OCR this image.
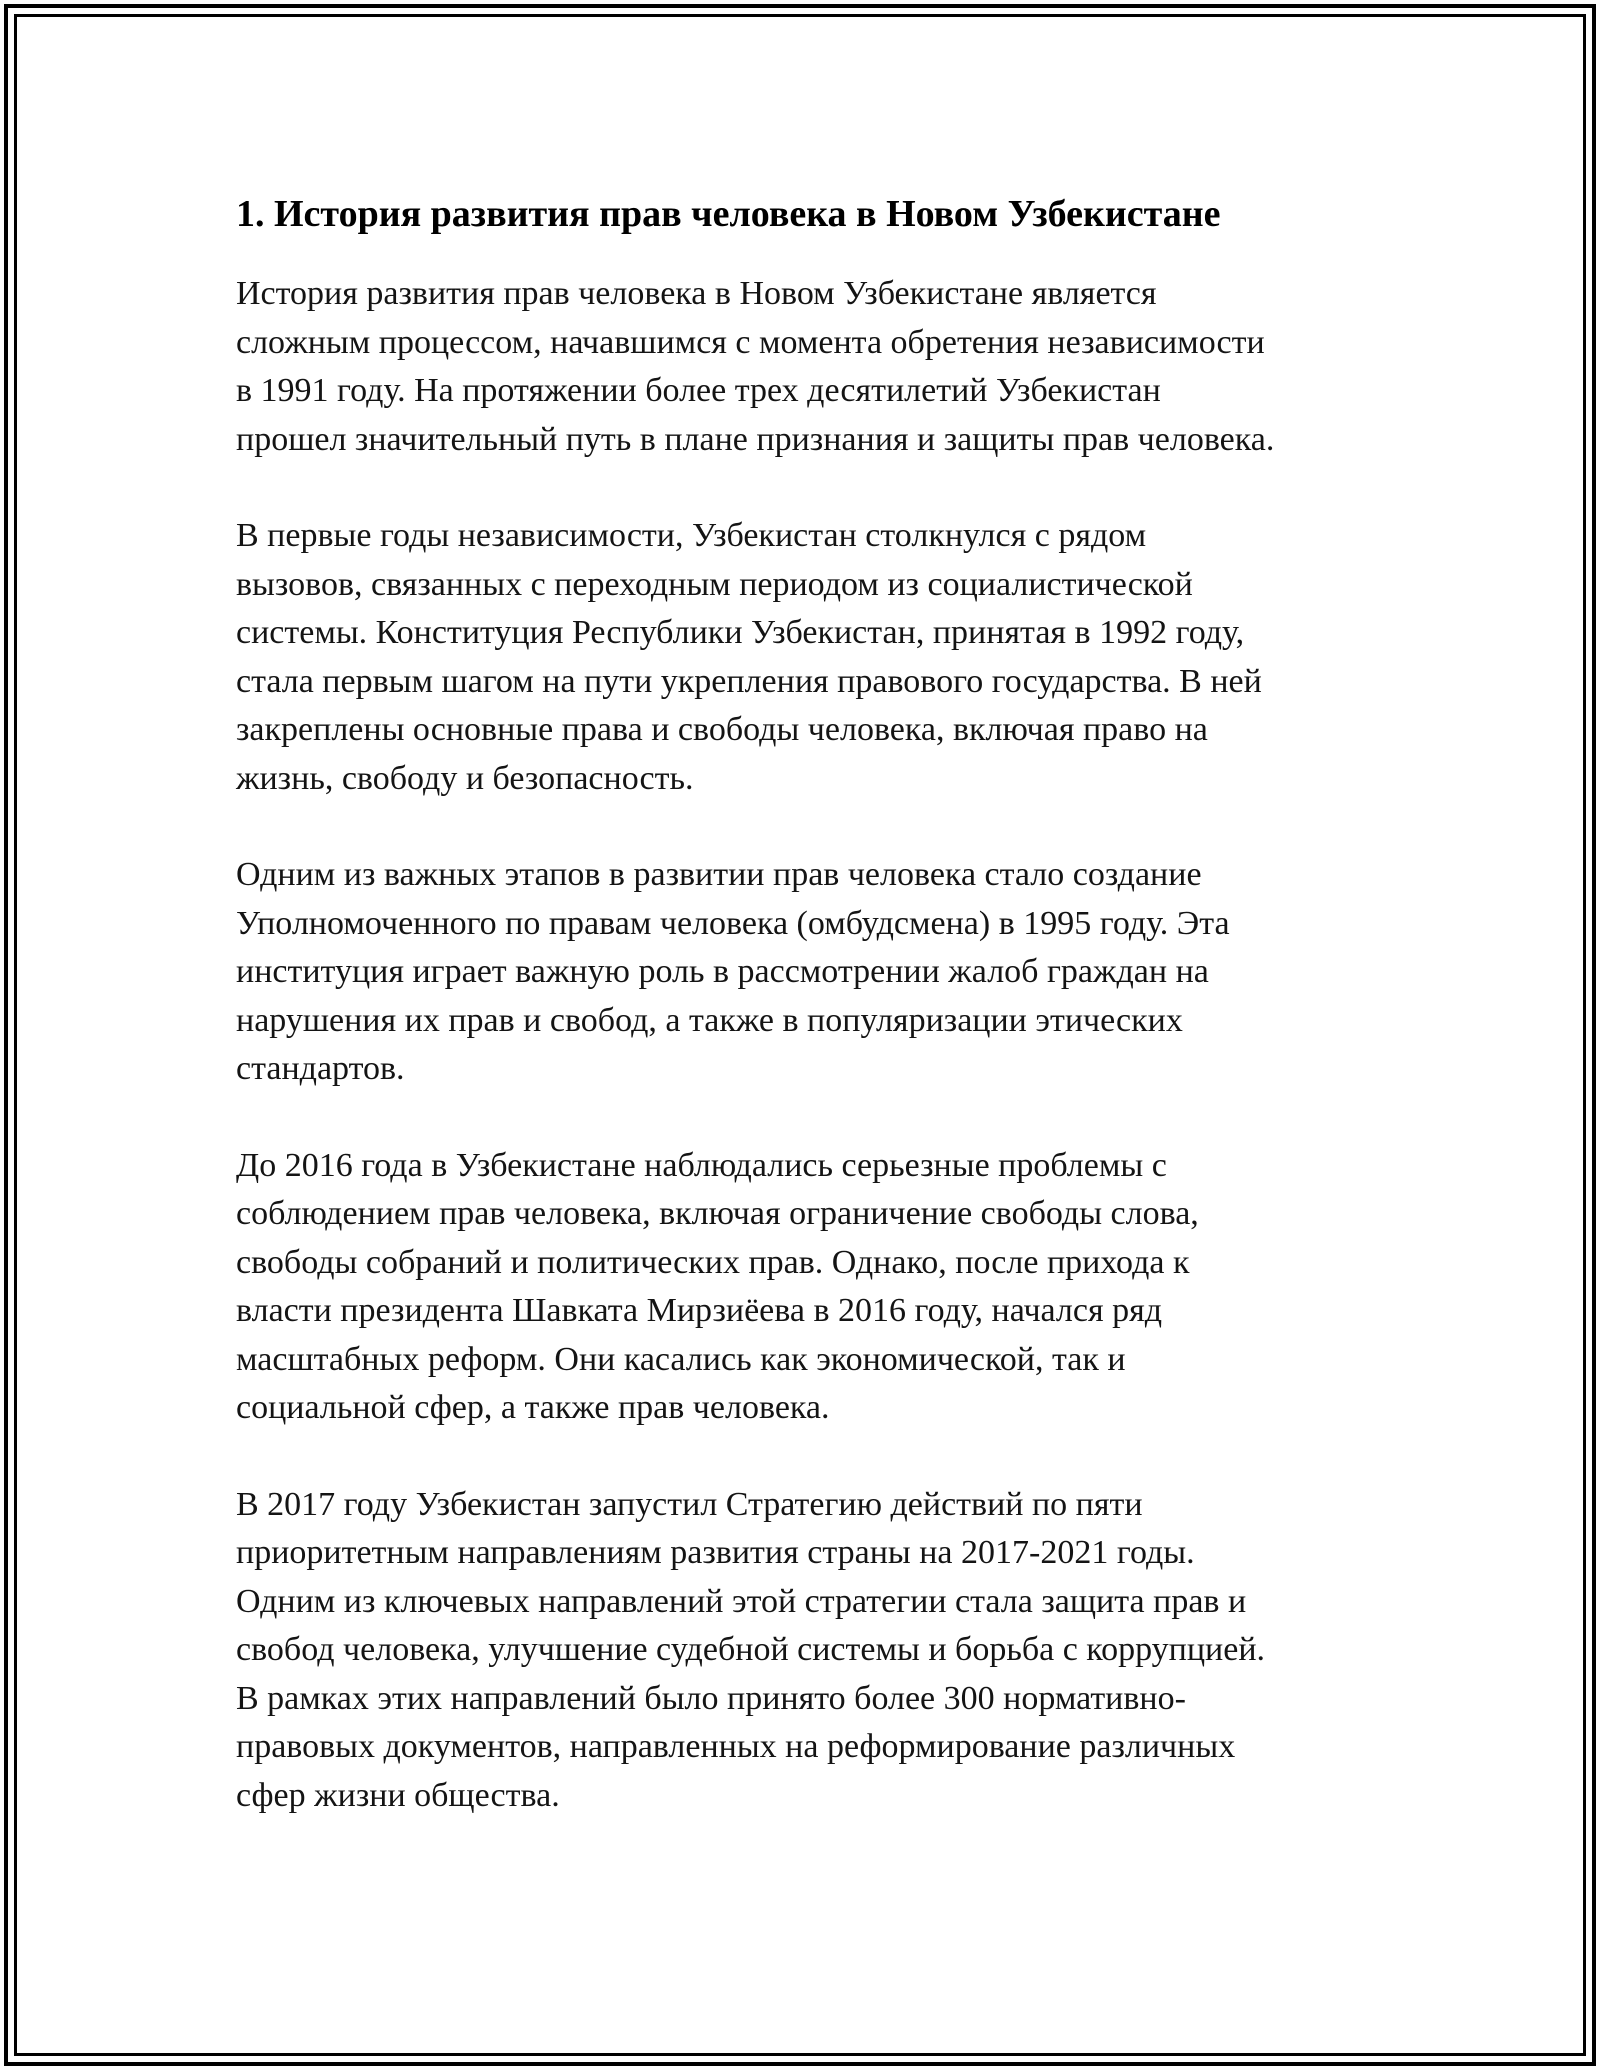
1. История развития прав человека в Новом Узбекистане

История развития прав человека в Новом Узбекистане является
сложным процессом, начавшимся с момента обретения независимости
в 1991 году. На протяжении более трех десятилетий Узбекистан
прошел значительный путь в плане признания и защиты прав человека.

В первые годы независимости, Узбекистан столкнулся с рядом
вызовов, связанных с переходным периодом из социалистической
системы. Конституция Республики Узбекистан, принятая в 1992 году,
стала первым шагом на пути укрепления правового государства. В ней
закреплены основные права и свободы человека, включая право на
жизнь, свободу и безопасность.

Одним из важных этапов в развитии прав человека стало создание
Уполномоченного по правам человека (омбудсмена) в 1995 году. Эта
институция играет важную роль в рассмотрении жалоб граждан на
нарушения их прав и свобод, а также в популяризации этических
стандартов.

До 2016 года в Узбекистане наблюдались серьезные проблемы с
соблюдением прав человека, включая ограничение свободы слова,
свободы собраний и политических прав. Однако, после прихода к
власти президента Шавката Мирзиёева в 2016 году, начался ряд
масштабных реформ. Они касались как экономической, так и
социальной сфер, а также прав человека.

В 2017 году Узбекистан запустил Стратегию действий по пяти
приоритетным направлениям развития страны на 2017-2021 годы.
Одним из ключевых направлений этой стратегии стала защита прав и
свобод человека, улучшение судебной системы и борьба с коррупцией.
В рамках этих направлений было принято более 300 нормативно-
правовых документов, направленных на реформирование различных
сфер жизни общества.
